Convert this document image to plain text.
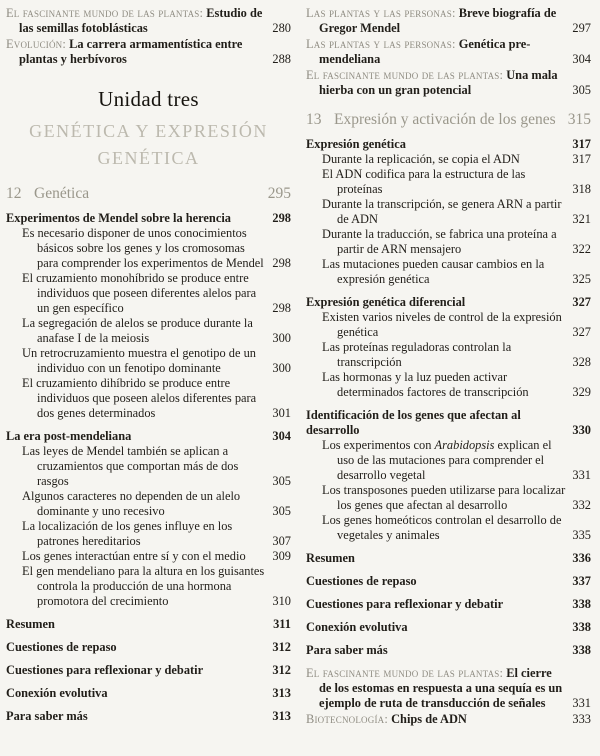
El fascinante mundo de las plantas: Estudio de las semillas fotoblásticas	280
Evolución: La carrera armamentística entre plantas y herbívoros	288
Unidad tres
GENÉTICA Y EXPRESIÓN GENÉTICA
12 Genética	295
Experimentos de Mendel sobre la herencia	298
Es necesario disponer de unos conocimientos básicos sobre los genes y los cromosomas para comprender los experimentos de Mendel 298
El cruzamiento monohíbrido se produce entre individuos que poseen diferentes alelos para un gen específico	298
La segregación de alelos se produce durante la anafase I de la meiosis	300
Un retrocruzamiento muestra el genotipo de un individuo con un fenotipo dominante	300
El cruzamiento dihíbrido se produce entre individuos que poseen alelos diferentes para dos genes determinados	301
La era post-mendeliana	304
Las leyes de Mendel también se aplican a cruzamientos que comportan más de dos rasgos	305
Algunos caracteres no dependen de un alelo dominante y uno recesivo	305
La localización de los genes influye en los patrones hereditarios	307
Los genes interactúan entre sí y con el medio	309
El gen mendeliano para la altura en los guisantes controla la producción de una hormona promotora del crecimiento	310
Resumen	311
Cuestiones de repaso	312
Cuestiones para reflexionar y debatir	312
Conexión evolutiva	313
Para saber más	313
Las plantas y las personas: Breve biografía de Gregor Mendel	297
Las plantas y las personas: Genética pre-mendeliana	304
El fascinante mundo de las plantas: Una mala hierba con un gran potencial	305
13 Expresión y activación de los genes 315
Expresión genética	317
Durante la replicación, se copia el ADN	317
El ADN codifica para la estructura de las proteínas	318
Durante la transcripción, se genera ARN a partir de ADN	321
Durante la traducción, se fabrica una proteína a partir de ARN mensajero	322
Las mutaciones pueden causar cambios en la expresión genética	325
Expresión genética diferencial	327
Existen varios niveles de control de la expresión genética	327
Las proteínas reguladoras controlan la transcripción	328
Las hormonas y la luz pueden activar determinados factores de transcripción	329
Identificación de los genes que afectan al desarrollo	330
Los experimentos con Arabidopsis explican el uso de las mutaciones para comprender el desarrollo vegetal	331
Los transposones pueden utilizarse para localizar los genes que afectan al desarrollo	332
Los genes homeóticos controlan el desarrollo de vegetales y animales	335
Resumen	336
Cuestiones de repaso	337
Cuestiones para reflexionar y debatir	338
Conexión evolutiva	338
Para saber más	338
El fascinante mundo de las plantas: El cierre de los estomas en respuesta a una sequía es un ejemplo de ruta de transducción de señales	331
Biotecnología: Chips de ADN	333
